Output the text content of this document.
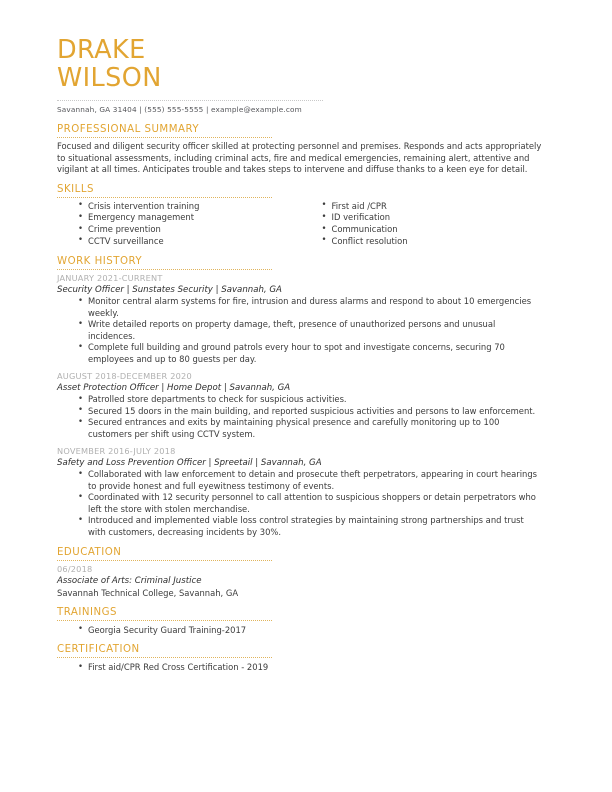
DRAKE
WILSON
Savannah, GA 31404 | (555) 555-5555 | example@example.com
PROFESSIONAL SUMMARY
Focused and diligent security officer skilled at protecting personnel and premises. Responds and acts appropriately to situational assessments, including criminal acts, fire and medical emergencies, remaining alert, attentive and vigilant at all times. Anticipates trouble and takes steps to intervene and diffuse thanks to a keen eye for detail.
SKILLS
• Crisis intervention training
• Emergency management
• Crime prevention
• CCTV surveillance
• First aid /CPR
• ID verification
• Communication
• Conflict resolution
WORK HISTORY
JANUARY 2021-CURRENT
Security Officer | Sunstates Security | Savannah, GA
• Monitor central alarm systems for fire, intrusion and duress alarms and respond to about 10 emergencies weekly.
• Write detailed reports on property damage, theft, presence of unauthorized persons and unusual incidences.
• Complete full building and ground patrols every hour to spot and investigate concerns, securing 70 employees and up to 80 guests per day.
AUGUST 2018-DECEMBER 2020
Asset Protection Officer | Home Depot | Savannah, GA
• Patrolled store departments to check for suspicious activities.
• Secured 15 doors in the main building, and reported suspicious activities and persons to law enforcement.
• Secured entrances and exits by maintaining physical presence and carefully monitoring up to 100 customers per shift using CCTV system.
NOVEMBER 2016-JULY 2018
Safety and Loss Prevention Officer | Spreetail | Savannah, GA
• Collaborated with law enforcement to detain and prosecute theft perpetrators, appearing in court hearings to provide honest and full eyewitness testimony of events.
• Coordinated with 12 security personnel to call attention to suspicious shoppers or detain perpetrators who left the store with stolen merchandise.
• Introduced and implemented viable loss control strategies by maintaining strong partnerships and trust with customers, decreasing incidents by 30%.
EDUCATION
06/2018
Associate of Arts: Criminal Justice
Savannah Technical College, Savannah, GA
TRAININGS
• Georgia Security Guard Training-2017
CERTIFICATION
• First aid/CPR Red Cross Certification - 2019
